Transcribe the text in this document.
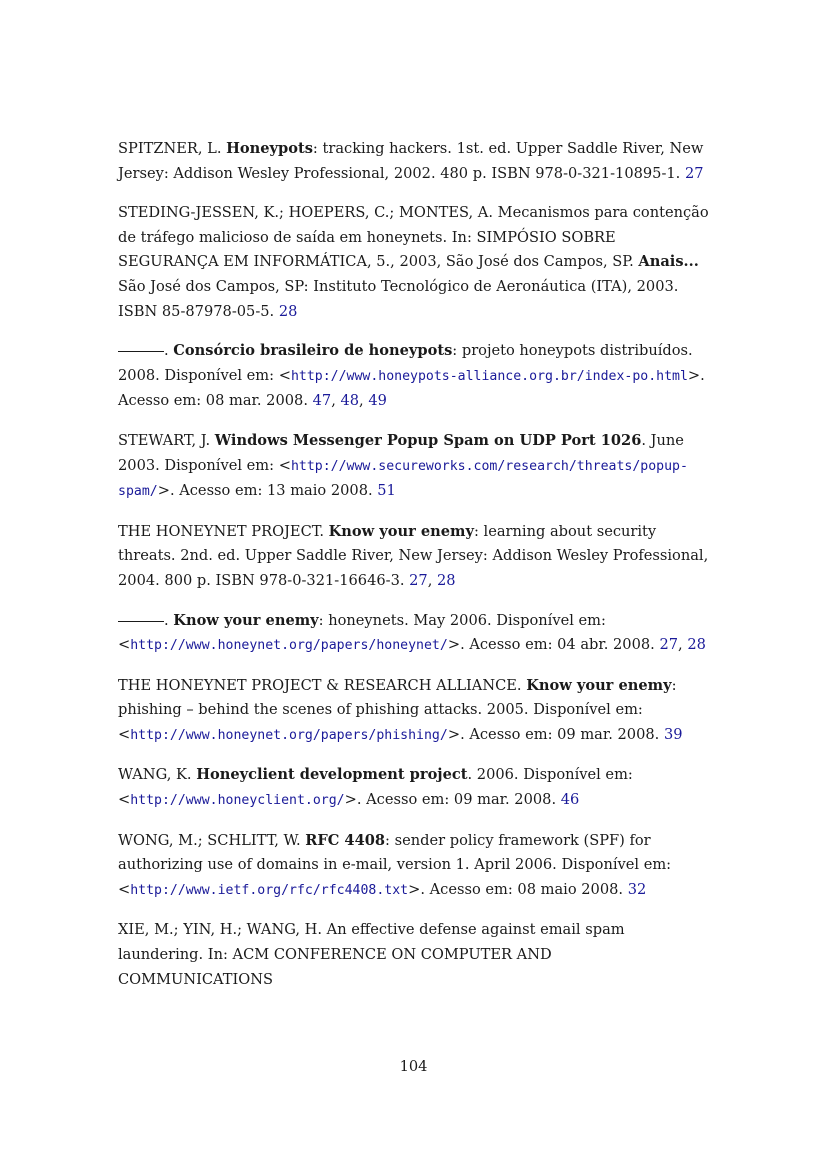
SPITZNER, L. Honeypots: tracking hackers. 1st. ed. Upper Saddle River, New Jersey: Addison Wesley Professional, 2002. 480 p. ISBN 978-0-321-10895-1. 27

STEDING-JESSEN, K.; HOEPERS, C.; MONTES, A. Mecanismos para contenção de tráfego malicioso de saída em honeynets. In: SIMPÓSIO SOBRE SEGURANÇA EM INFORMÁTICA, 5., 2003, São José dos Campos, SP. Anais... São José dos Campos, SP: Instituto Tecnológico de Aeronáutica (ITA), 2003. ISBN 85-87978-05-5. 28

. Consórcio brasileiro de honeypots: projeto honeypots distribuídos. 2008. Disponível em: <http://www.honeypots-alliance.org.br/index-po.html>. Acesso em: 08 mar. 2008. 47, 48, 49

STEWART, J. Windows Messenger Popup Spam on UDP Port 1026. June 2003. Disponível em: <http://www.secureworks.com/research/threats/popup-spam/>. Acesso em: 13 maio 2008. 51

THE HONEYNET PROJECT. Know your enemy: learning about security threats. 2nd. ed. Upper Saddle River, New Jersey: Addison Wesley Professional, 2004. 800 p. ISBN 978-0-321-16646-3. 27, 28

. Know your enemy: honeynets. May 2006. Disponível em: <http://www.honeynet.org/papers/honeynet/>. Acesso em: 04 abr. 2008. 27, 28

THE HONEYNET PROJECT & RESEARCH ALLIANCE. Know your enemy: phishing – behind the scenes of phishing attacks. 2005. Disponível em: <http://www.honeynet.org/papers/phishing/>. Acesso em: 09 mar. 2008. 39

WANG, K. Honeyclient development project. 2006. Disponível em: <http://www.honeyclient.org/>. Acesso em: 09 mar. 2008. 46

WONG, M.; SCHLITT, W. RFC 4408: sender policy framework (SPF) for authorizing use of domains in e-mail, version 1. April 2006. Disponível em: <http://www.ietf.org/rfc/rfc4408.txt>. Acesso em: 08 maio 2008. 32

XIE, M.; YIN, H.; WANG, H. An effective defense against email spam laundering. In: ACM CONFERENCE ON COMPUTER AND COMMUNICATIONS

104
